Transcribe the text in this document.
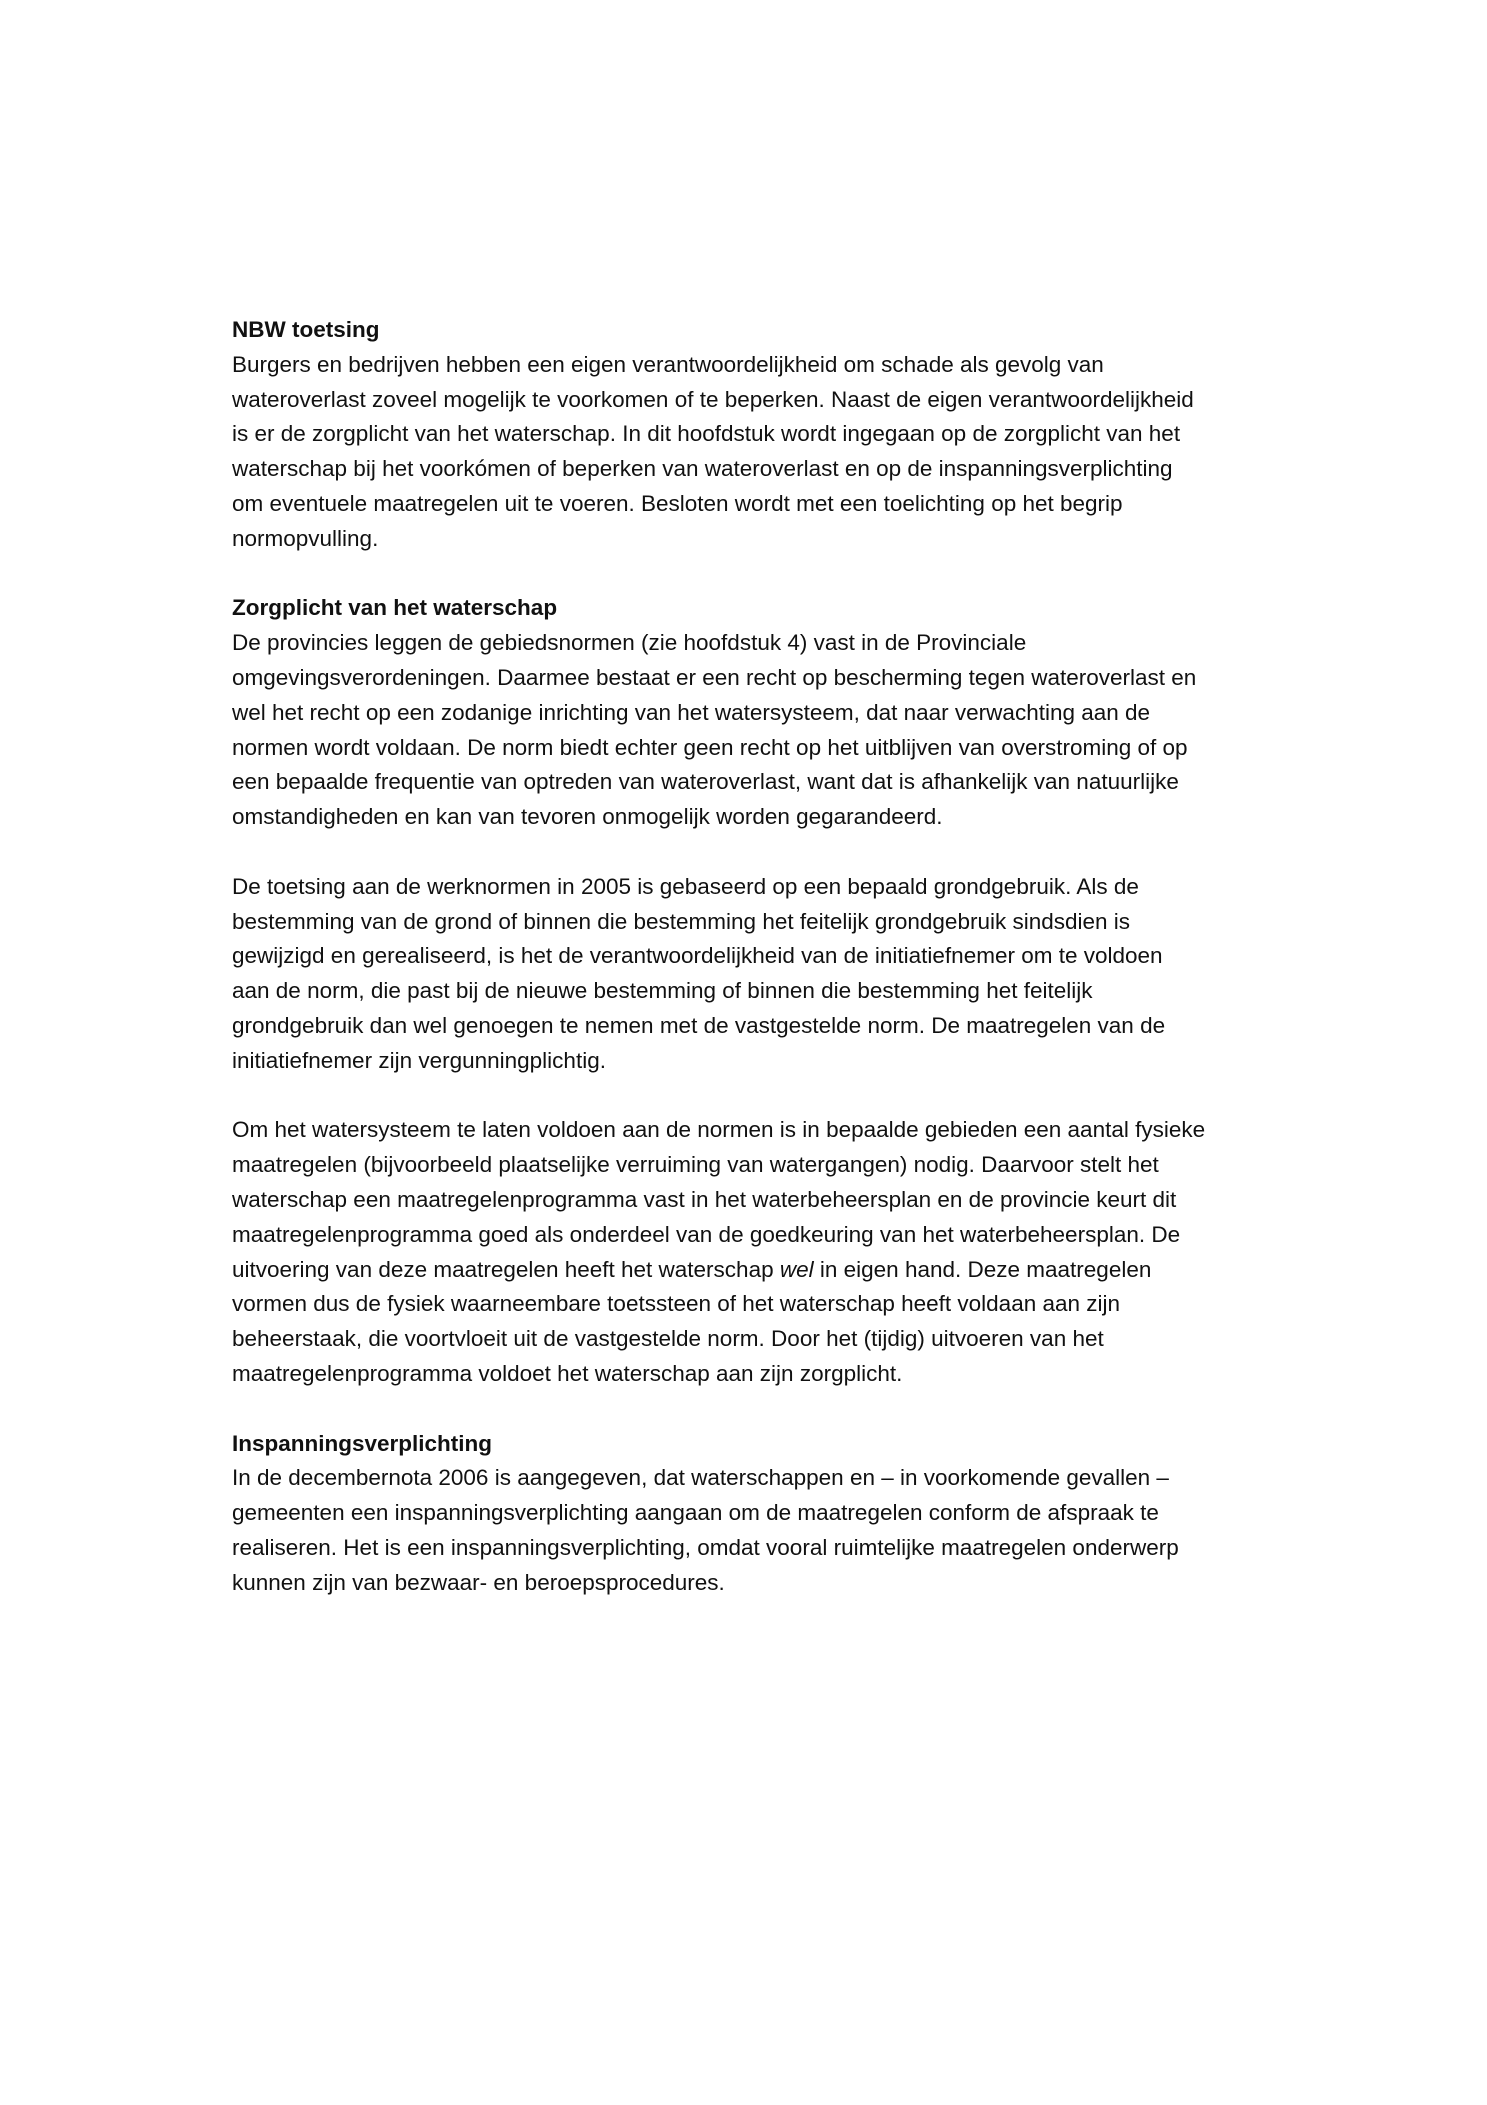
NBW toetsing
Burgers en bedrijven hebben een eigen verantwoordelijkheid om schade als gevolg van
wateroverlast zoveel mogelijk te voorkomen of te beperken. Naast de eigen verantwoordelijkheid
is er de zorgplicht van het waterschap. In dit hoofdstuk wordt ingegaan op de zorgplicht van het
waterschap bij het voorkómen of beperken van wateroverlast en op de inspanningsverplichting
om eventuele maatregelen uit te voeren. Besloten wordt met een toelichting op het begrip
normopvulling.
Zorgplicht van het waterschap
De provincies leggen de gebiedsnormen (zie hoofdstuk 4) vast in de Provinciale
omgevingsverordeningen. Daarmee bestaat er een recht op bescherming tegen wateroverlast en
wel het recht op een zodanige inrichting van het watersysteem, dat naar verwachting aan de
normen wordt voldaan. De norm biedt echter geen recht op het uitblijven van overstroming of op
een bepaalde frequentie van optreden van wateroverlast, want dat is afhankelijk van natuurlijke
omstandigheden en kan van tevoren onmogelijk worden gegarandeerd.
De toetsing aan de werknormen in 2005 is gebaseerd op een bepaald grondgebruik. Als de
bestemming van de grond of binnen die bestemming het feitelijk grondgebruik sindsdien is
gewijzigd en gerealiseerd, is het de verantwoordelijkheid van de initiatiefnemer om te voldoen
aan de norm, die past bij de nieuwe bestemming of binnen die bestemming het feitelijk
grondgebruik dan wel genoegen te nemen met de vastgestelde norm. De maatregelen van de
initiatiefnemer zijn vergunningplichtig.
Om het watersysteem te laten voldoen aan de normen is in bepaalde gebieden een aantal fysieke
maatregelen (bijvoorbeeld plaatselijke verruiming van watergangen) nodig. Daarvoor stelt het
waterschap een maatregelenprogramma vast in het waterbeheersplan en de provincie keurt dit
maatregelenprogramma goed als onderdeel van de goedkeuring van het waterbeheersplan. De
uitvoering van deze maatregelen heeft het waterschap wel in eigen hand. Deze maatregelen
vormen dus de fysiek waarneembare toetssteen of het waterschap heeft voldaan aan zijn
beheerstaak, die voortvloeit uit de vastgestelde norm. Door het (tijdig) uitvoeren van het
maatregelenprogramma voldoet het waterschap aan zijn zorgplicht.
Inspanningsverplichting
In de decembernota 2006 is aangegeven, dat waterschappen en – in voorkomende gevallen –
gemeenten een inspanningsverplichting aangaan om de maatregelen conform de afspraak te
realiseren. Het is een inspanningsverplichting, omdat vooral ruimtelijke maatregelen onderwerp
kunnen zijn van bezwaar- en beroepsprocedures.
